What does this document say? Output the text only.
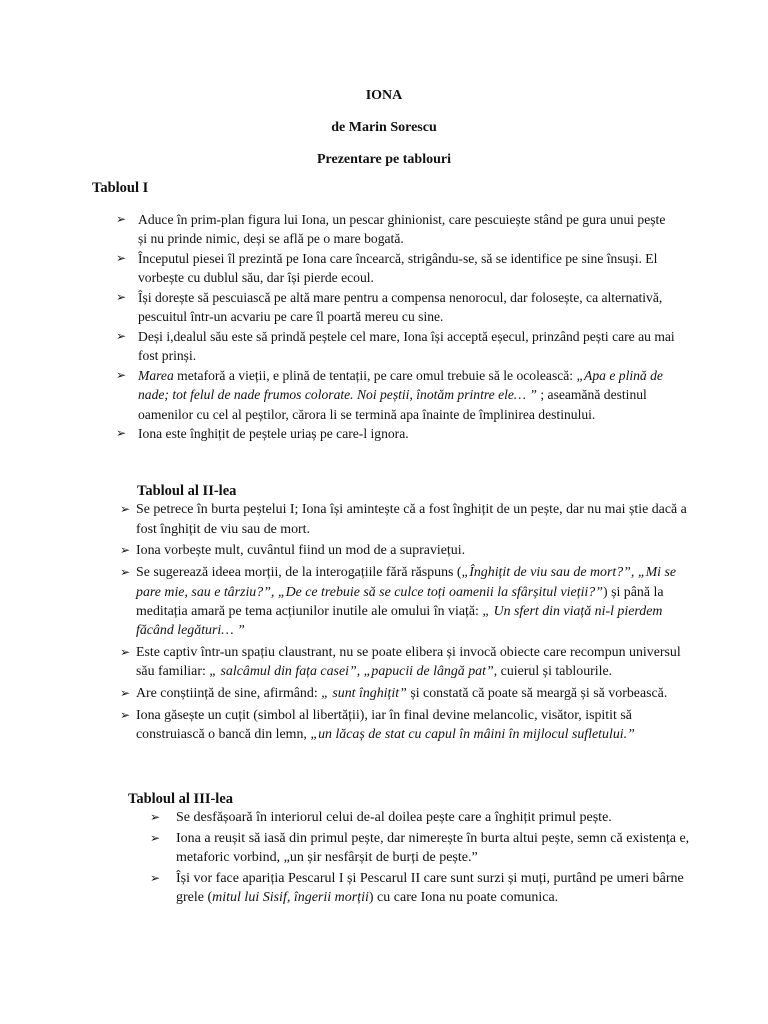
IONA
de Marin Sorescu
Prezentare pe tablouri
Tabloul I
➢ Aduce în prim-plan figura lui Iona, un pescar ghinionist, care pescuiește stând pe gura unui pește și nu prinde nimic, deși se află pe o mare bogată.
➢ Începutul piesei îl prezintă pe Iona care încearcă, strigându-se, să se identifice pe sine însuși. El vorbește cu dublul său, dar își pierde ecoul.
➢ Își dorește să pescuiască pe altă mare pentru a compensa nenorocul, dar folosește, ca alternativă, pescuitul într-un acvariu pe care îl poartă mereu cu sine.
➢ Deși i,dealul său este să prindă peștele cel mare, Iona își acceptă eșecul, prinzând pești care au mai fost prinși.
➢ Marea metaforă a vieții, e plină de tentații, pe care omul trebuie să le ocolească: „Apa e plină de nade; tot felul de nade frumos colorate. Noi peștii, înotăm printre ele… ” ; aseamănă destinul oamenilor cu cel al peștilor, cărora li se termină apa înainte de împlinirea destinului.
➢ Iona este înghițit de peștele uriaș pe care-l ignora.
Tabloul al II-lea
➢ Se petrece în burta peștelui I; Iona își amintește că a fost înghițit de un pește, dar nu mai știe dacă a fost înghițit de viu sau de mort.
➢ Iona vorbește mult, cuvântul fiind un mod de a supraviețui.
➢ Se sugerează ideea morții, de la interogațiile fără răspuns („Înghițit de viu sau de mort?”, „Mi se pare mie, sau e târziu?”, „De ce trebuie să se culce toți oamenii la sfârșitul vieții?”) și până la meditația amară pe tema acțiunilor inutile ale omului în viață: „ Un sfert din viață ni-l pierdem făcând legături… ”
➢ Este captiv într-un spațiu claustrant, nu se poate elibera și invocă obiecte care recompun universul său familiar: „ salcâmul din fața casei”, „papucii de lângă pat”, cuierul și tablourile.
➢ Are conștiință de sine, afirmând: „ sunt înghițit” și constată că poate să meargă și să vorbească.
➢ Iona găsește un cuțit (simbol al libertății), iar în final devine melancolic, visător, ispitit să construiască o bancă din lemn, „un lăcaș de stat cu capul în mâini în mijlocul sufletului.”
Tabloul al III-lea
➢ Se desfășoară în interiorul celui de-al doilea pește care a înghițit primul pește.
➢ Iona a reușit să iasă din primul pește, dar nimerește în burta altui pește, semn că existența e, metaforic vorbind, „un șir nesfârșit de burți de pește.”
➢ Își vor face apariția Pescarul I și Pescarul II care sunt surzi și muți, purtând pe umeri bârne grele (mitul lui Sisif, îngerii morții) cu care Iona nu poate comunica.
